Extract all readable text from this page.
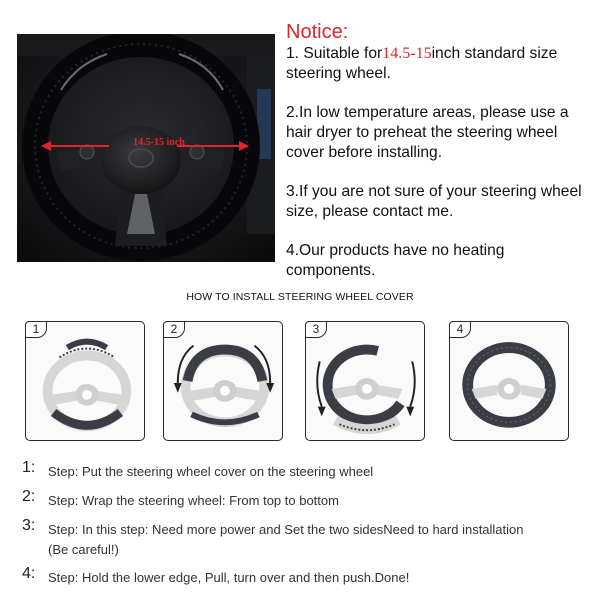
14.5-15 inch
Notice:
1. Suitable for14.5-15inch standard size steering wheel.
2.In low temperature areas, please use a hair dryer to preheat the steering wheel cover before installing.
3.If you are not sure of your steering wheel size, please contact me.
4.Our products have no heating components.
HOW TO INSTALL STEERING WHEEL COVER
1	2	3	4
1: Step: Put the steering wheel cover on the steering wheel
2: Step: Wrap the steering wheel: From top to bottom
3: Step: In this step: Need more power and Set the two sidesNeed to hard installation
(Be careful!)
4: Step: Hold the lower edge, Pull, turn over and then push.Done!
